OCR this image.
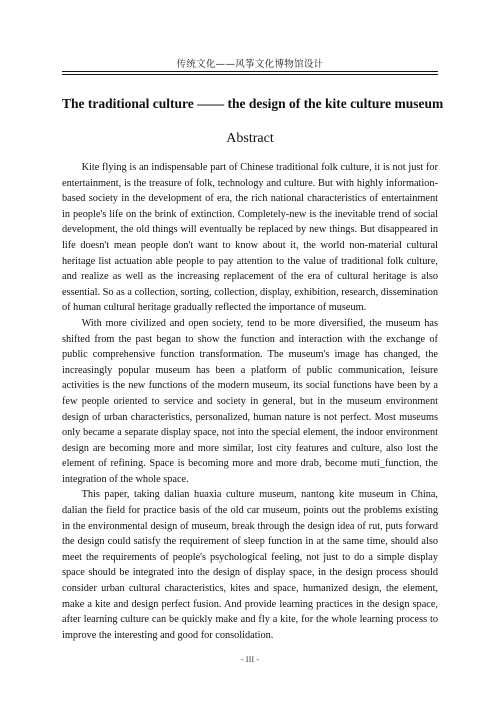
传统文化——风筝文化博物馆设计
The traditional culture —— the design of the kite culture museum
Abstract

Kite flying is an indispensable part of Chinese traditional folk culture, it is not just for entertainment, is the treasure of folk, technology and culture. But with highly information-based society in the development of era, the rich national characteristics of entertainment in people's life on the brink of extinction. Completely-new is the inevitable trend of social development, the old things will eventually be replaced by new things. But disappeared in life doesn't mean people don't want to know about it, the world non-material cultural heritage list actuation able people to pay attention to the value of traditional folk culture, and realize as well as the increasing replacement of the era of cultural heritage is also essential. So as a collection, sorting, collection, display, exhibition, research, dissemination of human cultural heritage gradually reflected the importance of museum.

With more civilized and open society, tend to be more diversified, the museum has shifted from the past began to show the function and interaction with the exchange of public comprehensive function transformation. The museum's image has changed, the increasingly popular museum has been a platform of public communication, leisure activities is the new functions of the modern museum, its social functions have been by a few people oriented to service and society in general, but in the museum environment design of urban characteristics, personalized, human nature is not perfect. Most museums only became a separate display space, not into the special element, the indoor environment design are becoming more and more similar, lost city features and culture, also lost the element of refining. Space is becoming more and more drab, become muti_function, the integration of the whole space.

This paper, taking dalian huaxia culture museum, nantong kite museum in China, dalian the field for practice basis of the old car museum, points out the problems existing in the environmental design of museum, break through the design idea of rut, puts forward the design could satisfy the requirement of sleep function in at the same time, should also meet the requirements of people's psychological feeling, not just to do a simple display space should be integrated into the design of display space, in the design process should consider urban cultural characteristics, kites and space, humanized design, the element, make a kite and design perfect fusion. And provide learning practices in the design space, after learning culture can be quickly make and fly a kite, for the whole learning process to improve the interesting and good for consolidation.

- III -
